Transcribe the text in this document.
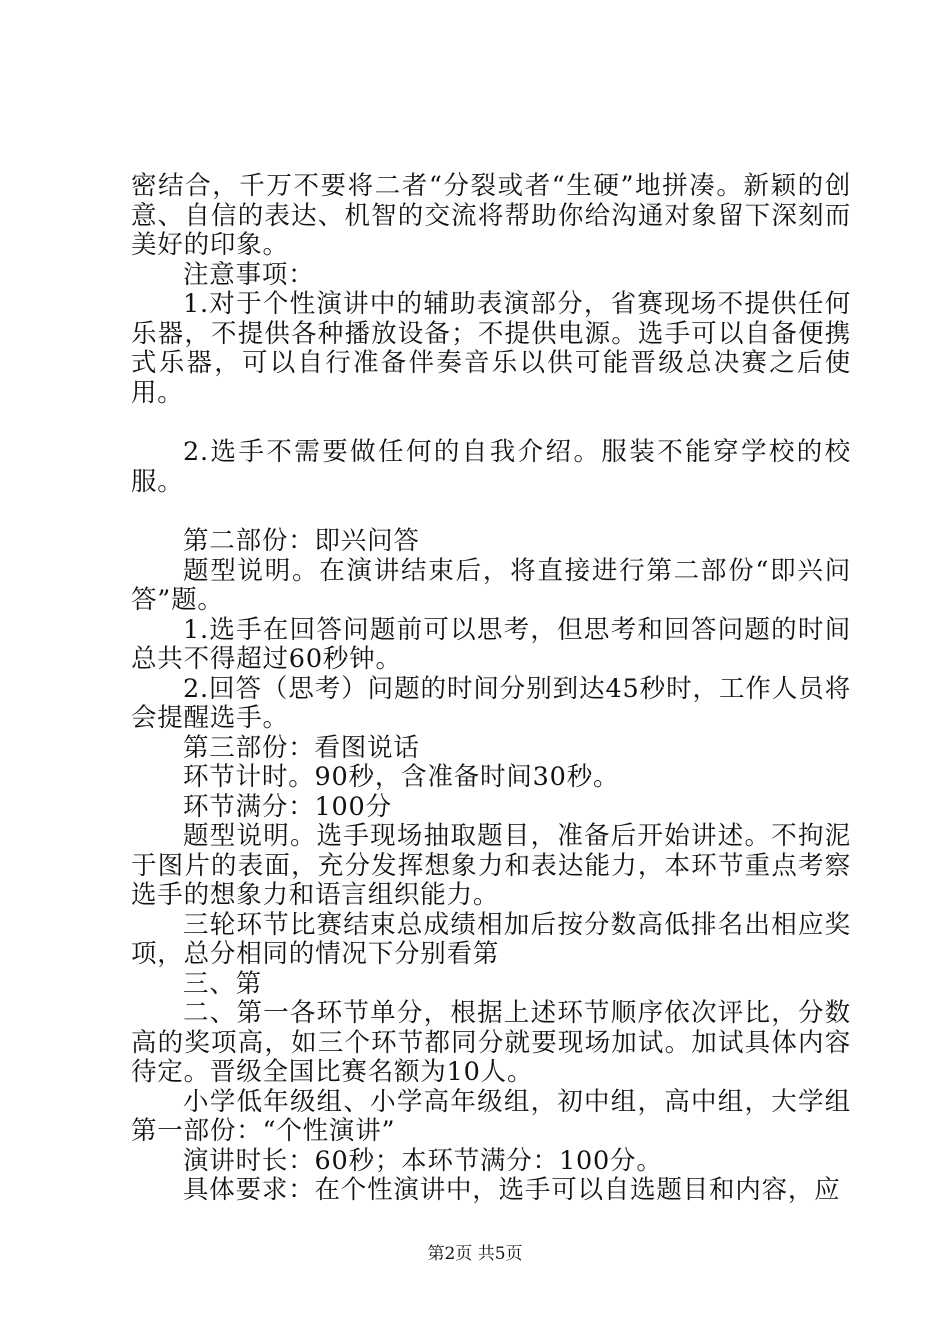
密结合，千万不要将二者“分裂或者“生硬”地拼凑。新颖的创意、自信的表达、机智的交流将帮助你给沟通对象留下深刻而美好的印象。

注意事项：

1.对于个性演讲中的辅助表演部分，省赛现场不提供任何乐器，不提供各种播放设备；不提供电源。选手可以自备便携式乐器，可以自行准备伴奏音乐以供可能晋级总决赛之后使用。

2.选手不需要做任何的自我介绍。服装不能穿学校的校服。

第二部份：即兴问答

题型说明。在演讲结束后，将直接进行第二部份“即兴问答”题。

1.选手在回答问题前可以思考，但思考和回答问题的时间总共不得超过60秒钟。

2.回答（思考）问题的时间分别到达45秒时，工作人员将会提醒选手。

第三部份：看图说话

环节计时。90秒，含准备时间30秒。

环节满分：100分

题型说明。选手现场抽取题目，准备后开始讲述。不拘泥于图片的表面，充分发挥想象力和表达能力，本环节重点考察选手的想象力和语言组织能力。

三轮环节比赛结束总成绩相加后按分数高低排名出相应奖项，总分相同的情况下分别看第

三、第

二、第一各环节单分，根据上述环节顺序依次评比，分数高的奖项高，如三个环节都同分就要现场加试。加试具体内容待定。晋级全国比赛名额为10人。

小学低年级组、小学高年级组，初中组，高中组，大学组第一部份：“个性演讲”

演讲时长：60秒；本环节满分：100分。

具体要求：在个性演讲中，选手可以自选题目和内容，应

第2页 共5页
